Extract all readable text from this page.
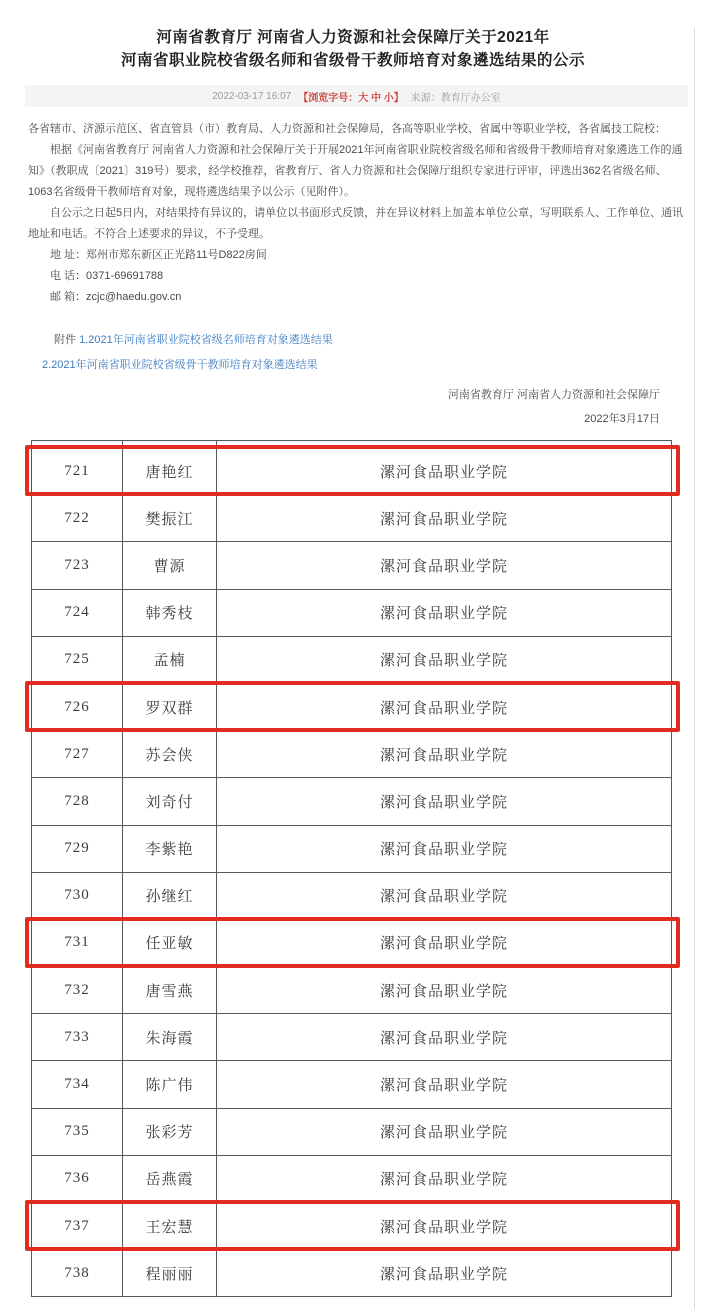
河南省教育厅 河南省人力资源和社会保障厅关于2021年
河南省职业院校省级名师和省级骨干教师培育对象遴选结果的公示
2022-03-17 16:07 【浏览字号：大 中 小】 来源：教育厅办公室

各省辖市、济源示范区、省直管县（市）教育局、人力资源和社会保障局，各高等职业学校、省属中等职业学校，各省属技工院校：

根据《河南省教育厅 河南省人力资源和社会保障厅关于开展2021年河南省职业院校省级名师和省级骨干教师培育对象遴选工作的通知》（教职成〔2021〕319号）要求，经学校推荐，省教育厅、省人力资源和社会保障厅组织专家进行评审，评选出362名省级名师、1063名省级骨干教师培育对象，现将遴选结果予以公示（见附件）。

自公示之日起5日内，对结果持有异议的，请单位以书面形式反馈，并在异议材料上加盖本单位公章，写明联系人、工作单位、通讯地址和电话。不符合上述要求的异议，不予受理。

地 址：郑州市郑东新区正光路11号D822房间

电 话：0371-69691788

邮 箱：zcjc@haedu.gov.cn

附件 1.2021年河南省职业院校省级名师培育对象遴选结果
2.2021年河南省职业院校省级骨干教师培育对象遴选结果
河南省教育厅 河南省人力资源和社会保障厅
2022年3月17日
721	唐艳红	漯河食品职业学院
722	樊振江	漯河食品职业学院
723	曹源	漯河食品职业学院
724	韩秀枝	漯河食品职业学院
725	孟楠	漯河食品职业学院
726	罗双群	漯河食品职业学院
727	苏会侠	漯河食品职业学院
728	刘奇付	漯河食品职业学院
729	李紫艳	漯河食品职业学院
730	孙继红	漯河食品职业学院
731	任亚敏	漯河食品职业学院
732	唐雪燕	漯河食品职业学院
733	朱海霞	漯河食品职业学院
734	陈广伟	漯河食品职业学院
735	张彩芳	漯河食品职业学院
736	岳燕霞	漯河食品职业学院
737	王宏慧	漯河食品职业学院
738	程丽丽	漯河食品职业学院
